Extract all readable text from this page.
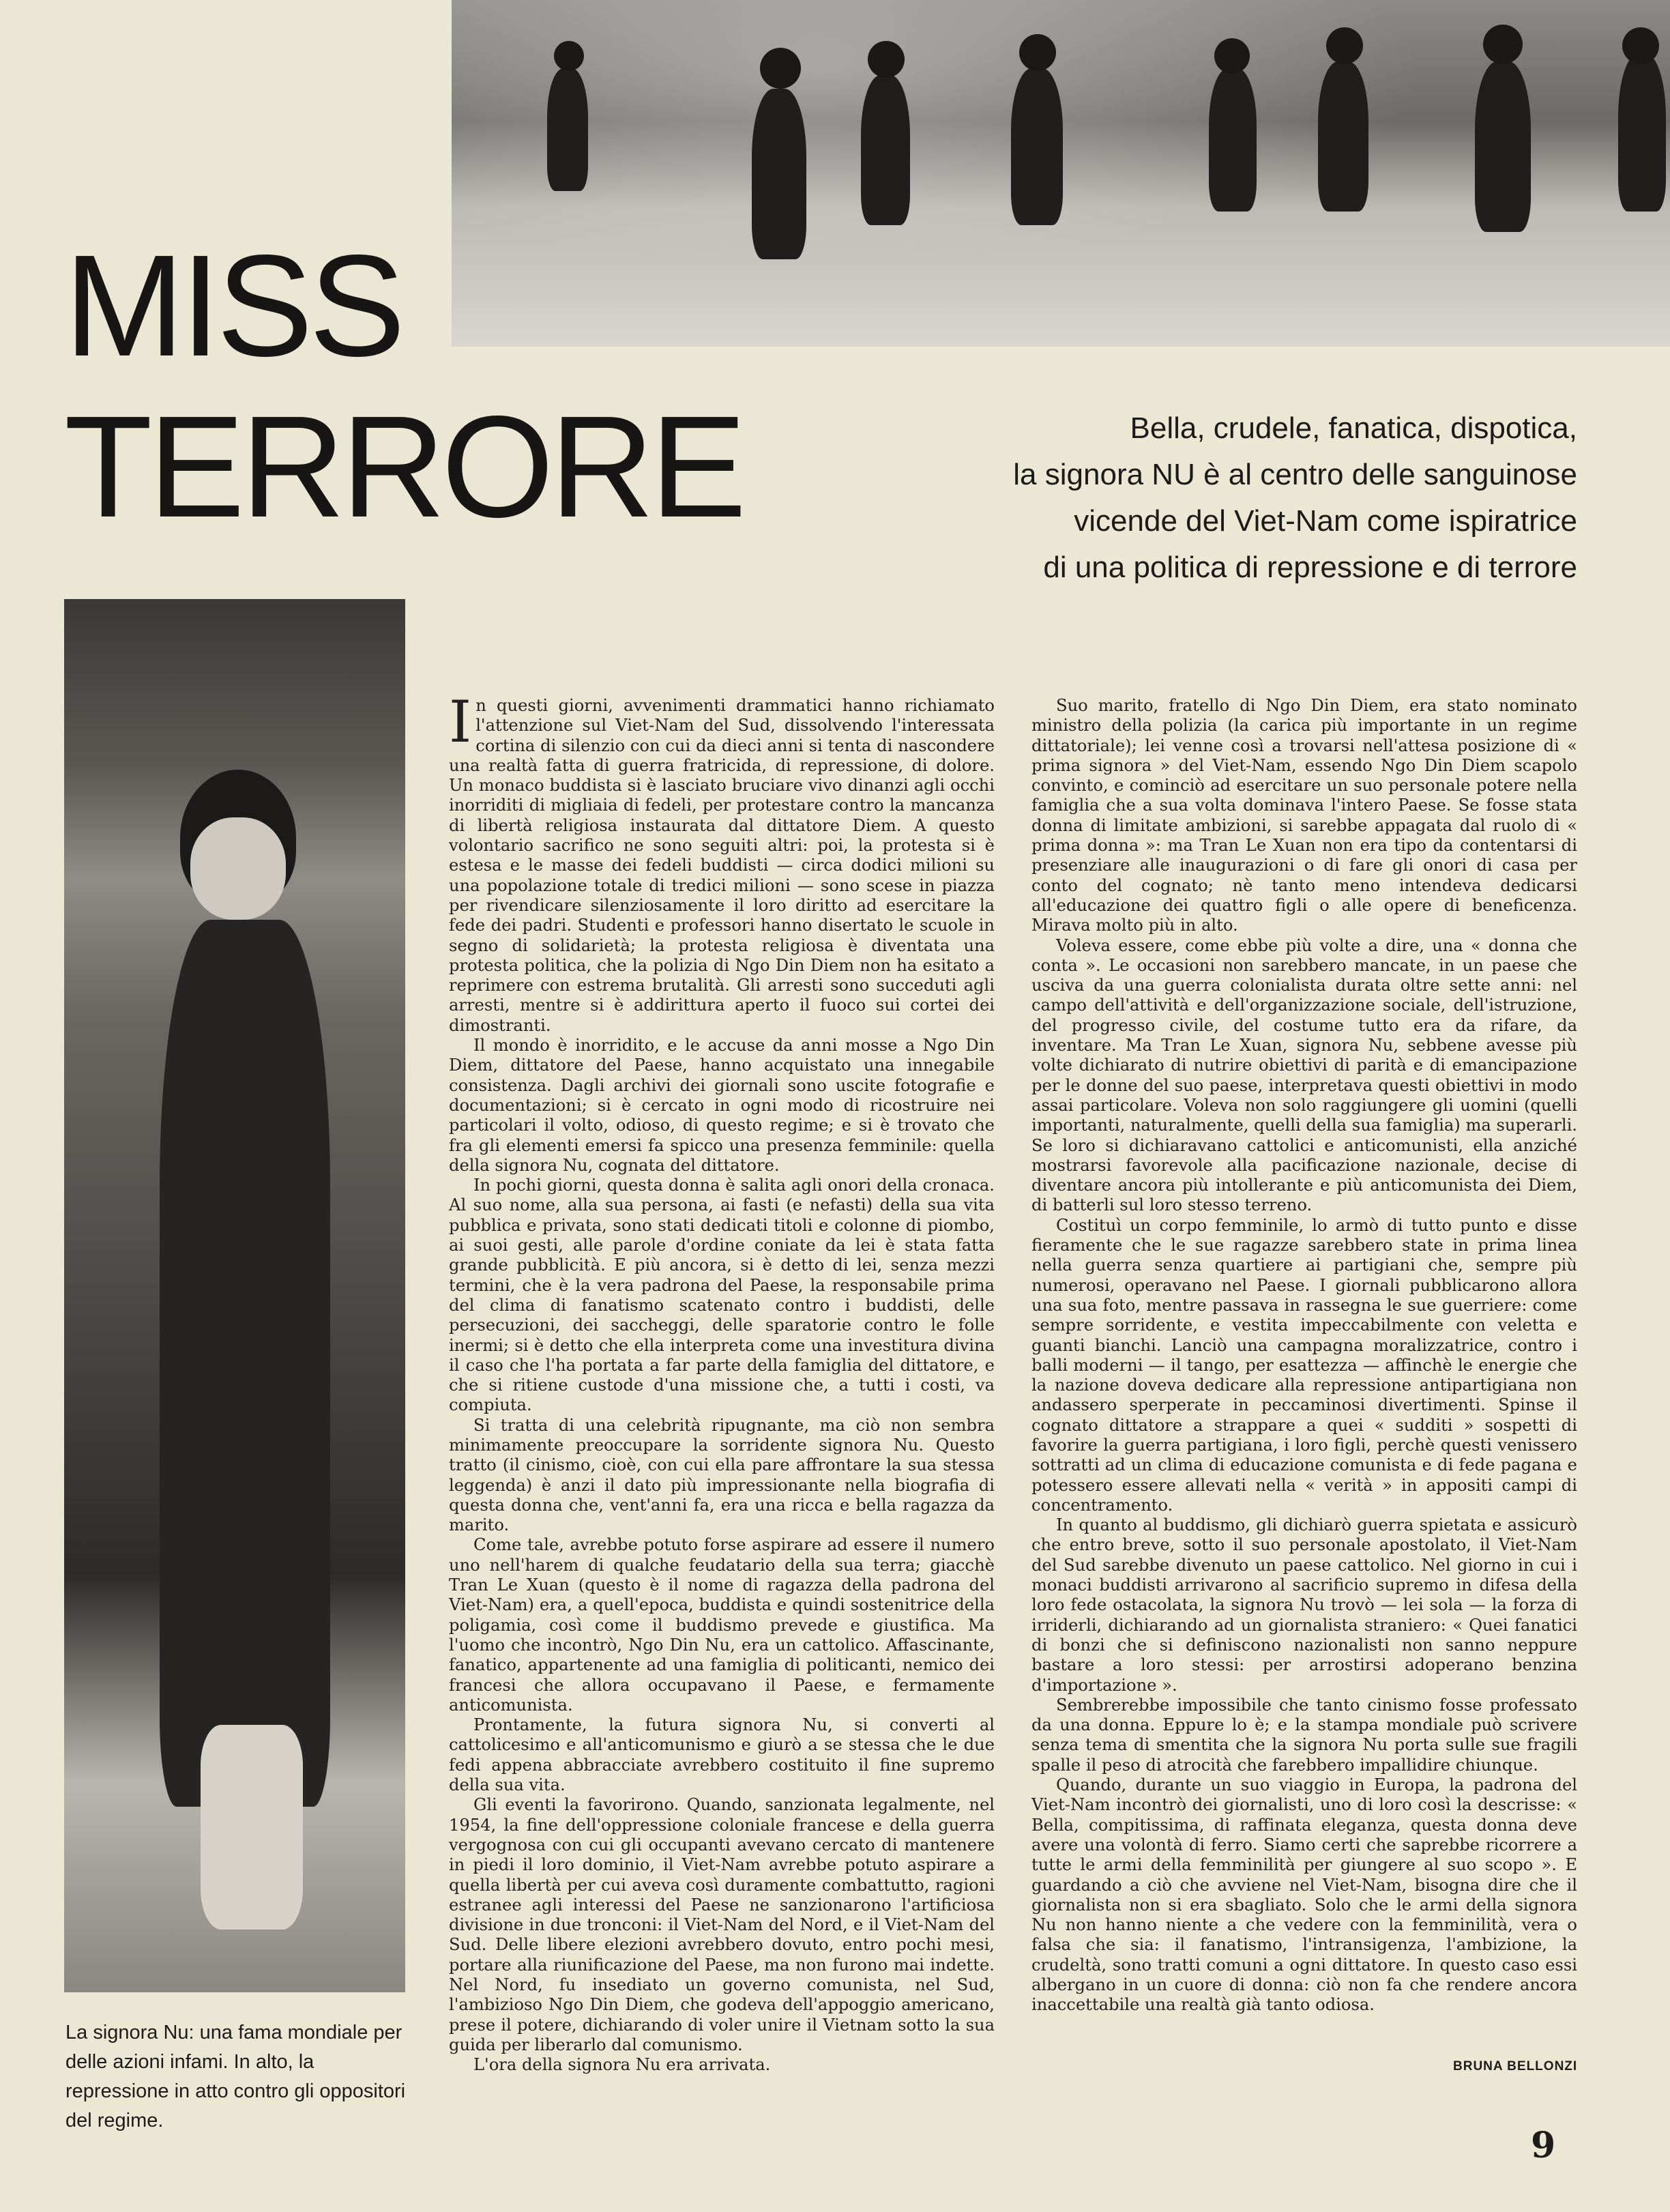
MISS
TERRORE	Bella, crudele, fanatica, dispotica,
la signora NU è al centro delle sanguinose
vicende del Viet-Nam come ispiratrice
di una politica di repressione e di terrore
La signora Nu: una fama mondiale per delle azioni infami. In alto, la repressione in atto contro gli oppositori del regime.

In questi giorni, avvenimenti drammatici hanno richiamato l'attenzione sul Viet-Nam del Sud, dissolvendo l'interessata cortina di silenzio con cui da dieci anni si tenta di nascondere una realtà fatta di guerra fratricida, di repressione, di dolore. Un monaco buddista si è lasciato bruciare vivo dinanzi agli occhi inorriditi di migliaia di fedeli, per protestare contro la mancanza di libertà religiosa instaurata dal dittatore Diem. A questo volontario sacrifico ne sono seguiti altri: poi, la protesta si è estesa e le masse dei fedeli buddisti — circa dodici milioni su una popolazione totale di tredici milioni — sono scese in piazza per rivendicare silenziosamente il loro diritto ad esercitare la fede dei padri. Studenti e professori hanno disertato le scuole in segno di solidarietà; la protesta religiosa è diventata una protesta politica, che la polizia di Ngo Din Diem non ha esitato a reprimere con estrema brutalità. Gli arresti sono succeduti agli arresti, mentre si è addirittura aperto il fuoco sui cortei dei dimostranti.

Il mondo è inorridito, e le accuse da anni mosse a Ngo Din Diem, dittatore del Paese, hanno acquistato una innegabile consistenza. Dagli archivi dei giornali sono uscite fotografie e documentazioni; si è cercato in ogni modo di ricostruire nei particolari il volto, odioso, di questo regime; e si è trovato che fra gli elementi emersi fa spicco una presenza femminile: quella della signora Nu, cognata del dittatore.

In pochi giorni, questa donna è salita agli onori della cronaca. Al suo nome, alla sua persona, ai fasti (e nefasti) della sua vita pubblica e privata, sono stati dedicati titoli e colonne di piombo, ai suoi gesti, alle parole d'ordine coniate da lei è stata fatta grande pubblicità. E più ancora, si è detto di lei, senza mezzi termini, che è la vera padrona del Paese, la responsabile prima del clima di fanatismo scatenato contro i buddisti, delle persecuzioni, dei saccheggi, delle sparatorie contro le folle inermi; si è detto che ella interpreta come una investitura divina il caso che l'ha portata a far parte della famiglia del dittatore, e che si ritiene custode d'una missione che, a tutti i costi, va compiuta.

Si tratta di una celebrità ripugnante, ma ciò non sembra minimamente preoccupare la sorridente signora Nu. Questo tratto (il cinismo, cioè, con cui ella pare affrontare la sua stessa leggenda) è anzi il dato più impressionante nella biografia di questa donna che, vent'anni fa, era una ricca e bella ragazza da marito.

Come tale, avrebbe potuto forse aspirare ad essere il numero uno nell'harem di qualche feudatario della sua terra; giacchè Tran Le Xuan (questo è il nome di ragazza della padrona del Viet-Nam) era, a quell'epoca, buddista e quindi sostenitrice della poligamia, così come il buddismo prevede e giustifica. Ma l'uomo che incontrò, Ngo Din Nu, era un cattolico. Affascinante, fanatico, appartenente ad una famiglia di politicanti, nemico dei francesi che allora occupavano il Paese, e fermamente anticomunista.

Prontamente, la futura signora Nu, si converti al cattolicesimo e all'anticomunismo e giurò a se stessa che le due fedi appena abbracciate avrebbero costituito il fine supremo della sua vita.

Gli eventi la favorirono. Quando, sanzionata legalmente, nel 1954, la fine dell'oppressione coloniale francese e della guerra vergognosa con cui gli occupanti avevano cercato di mantenere in piedi il loro dominio, il Viet-Nam avrebbe potuto aspirare a quella libertà per cui aveva così duramente combattutto, ragioni estranee agli interessi del Paese ne sanzionarono l'artificiosa divisione in due tronconi: il Viet-Nam del Nord, e il Viet-Nam del Sud. Delle libere elezioni avrebbero dovuto, entro pochi mesi, portare alla riunificazione del Paese, ma non furono mai indette. Nel Nord, fu insediato un governo comunista, nel Sud, l'ambizioso Ngo Din Diem, che godeva dell'appoggio americano, prese il potere, dichiarando di voler unire il Vietnam sotto la sua guida per liberarlo dal comunismo.

L'ora della signora Nu era arrivata.

Suo marito, fratello di Ngo Din Diem, era stato nominato ministro della polizia (la carica più importante in un regime dittatoriale); lei venne così a trovarsi nell'attesa posizione di « prima signora » del Viet-Nam, essendo Ngo Din Diem scapolo convinto, e cominciò ad esercitare un suo personale potere nella famiglia che a sua volta dominava l'intero Paese. Se fosse stata donna di limitate ambizioni, si sarebbe appagata dal ruolo di « prima donna »: ma Tran Le Xuan non era tipo da contentarsi di presenziare alle inaugurazioni o di fare gli onori di casa per conto del cognato; nè tanto meno intendeva dedicarsi all'educazione dei quattro figli o alle opere di beneficenza. Mirava molto più in alto.

Voleva essere, come ebbe più volte a dire, una « donna che conta ». Le occasioni non sarebbero mancate, in un paese che usciva da una guerra colonialista durata oltre sette anni: nel campo dell'attività e dell'organizzazione sociale, dell'istruzione, del progresso civile, del costume tutto era da rifare, da inventare. Ma Tran Le Xuan, signora Nu, sebbene avesse più volte dichiarato di nutrire obiettivi di parità e di emancipazione per le donne del suo paese, interpretava questi obiettivi in modo assai particolare. Voleva non solo raggiungere gli uomini (quelli importanti, naturalmente, quelli della sua famiglia) ma superarli. Se loro si dichiaravano cattolici e anticomunisti, ella anziché mostrarsi favorevole alla pacificazione nazionale, decise di diventare ancora più intollerante e più anticomunista dei Diem, di batterli sul loro stesso terreno.

Costituì un corpo femminile, lo armò di tutto punto e disse fieramente che le sue ragazze sarebbero state in prima linea nella guerra senza quartiere ai partigiani che, sempre più numerosi, operavano nel Paese. I giornali pubblicarono allora una sua foto, mentre passava in rassegna le sue guerriere: come sempre sorridente, e vestita impeccabilmente con veletta e guanti bianchi. Lanciò una campagna moralizzatrice, contro i balli moderni — il tango, per esattezza — affinchè le energie che la nazione doveva dedicare alla repressione antipartigiana non andassero sperperate in peccaminosi divertimenti. Spinse il cognato dittatore a strappare a quei « sudditi » sospetti di favorire la guerra partigiana, i loro figli, perchè questi venissero sottratti ad un clima di educazione comunista e di fede pagana e potessero essere allevati nella « verità » in appositi campi di concentramento.

In quanto al buddismo, gli dichiarò guerra spietata e assicurò che entro breve, sotto il suo personale apostolato, il Viet-Nam del Sud sarebbe divenuto un paese cattolico. Nel giorno in cui i monaci buddisti arrivarono al sacrificio supremo in difesa della loro fede ostacolata, la signora Nu trovò — lei sola — la forza di irriderli, dichiarando ad un giornalista straniero: « Quei fanatici di bonzi che si definiscono nazionalisti non sanno neppure bastare a loro stessi: per arrostirsi adoperano benzina d'importazione ».

Sembrerebbe impossibile che tanto cinismo fosse professato da una donna. Eppure lo è; e la stampa mondiale può scrivere senza tema di smentita che la signora Nu porta sulle sue fragili spalle il peso di atrocità che farebbero impallidire chiunque.

Quando, durante un suo viaggio in Europa, la padrona del Viet-Nam incontrò dei giornalisti, uno di loro così la descrisse: « Bella, compitissima, di raffinata eleganza, questa donna deve avere una volontà di ferro. Siamo certi che saprebbe ricorrere a tutte le armi della femminilità per giungere al suo scopo ». E guardando a ciò che avviene nel Viet-Nam, bisogna dire che il giornalista non si era sbagliato. Solo che le armi della signora Nu non hanno niente a che vedere con la femminilità, vera o falsa che sia: il fanatismo, l'intransigenza, l'ambizione, la crudeltà, sono tratti comuni a ogni dittatore. In questo caso essi albergano in un cuore di donna: ciò non fa che rendere ancora inaccettabile una realtà già tanto odiosa.

BRUNA BELLONZI
9
